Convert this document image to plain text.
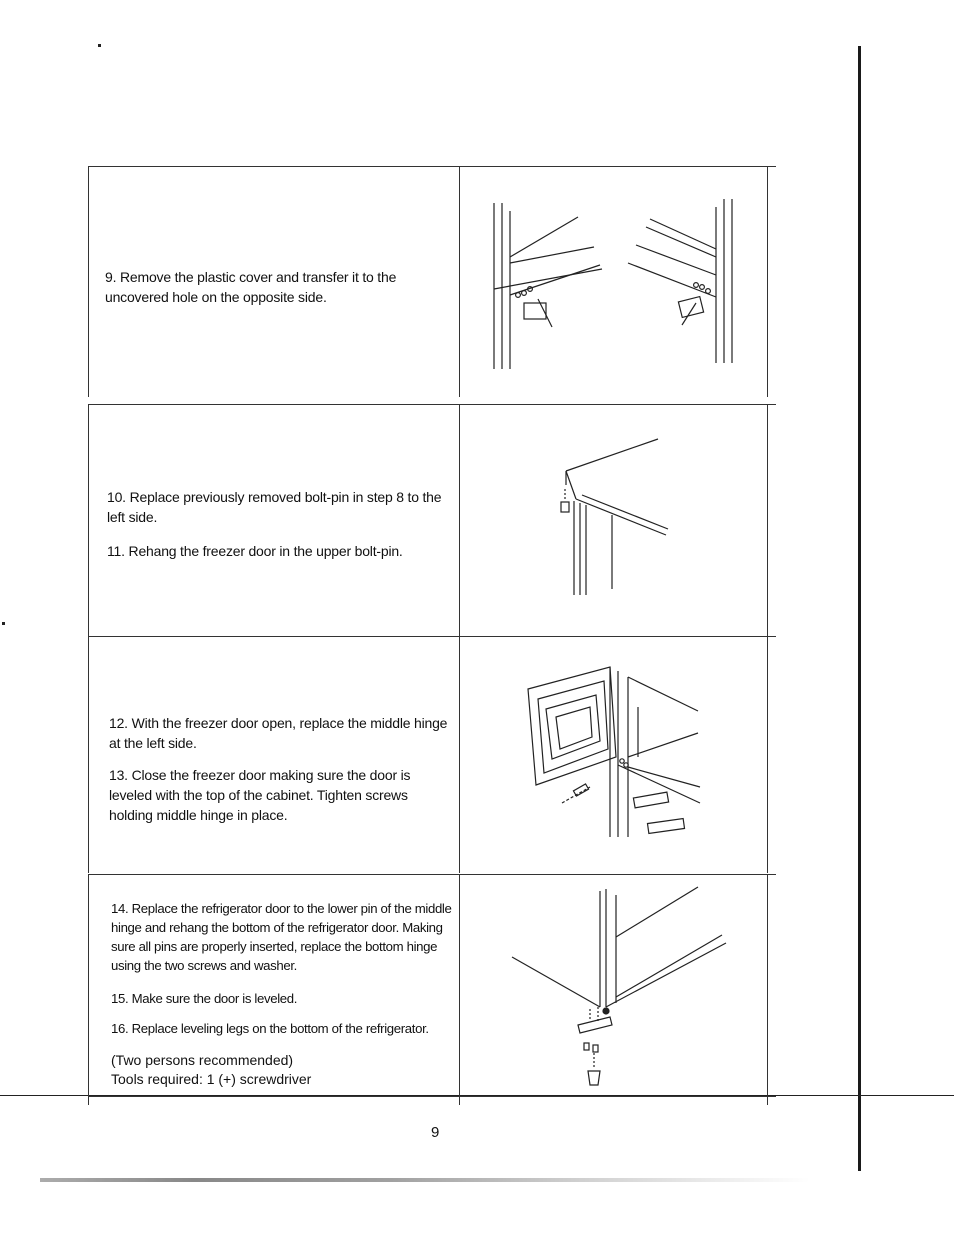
9. Remove the plastic cover and transfer it to the uncovered hole on the opposite side.
10. Replace previously removed bolt-pin in step 8 to the left side.
11. Rehang the freezer door in the upper bolt-pin.
12. With the freezer door open, replace the middle hinge at the left side.
13. Close the freezer door making sure the door is leveled with the top of the cabinet. Tighten screws holding middle hinge in place.
14. Replace the refrigerator door to the lower pin of the middle hinge and rehang the bottom of the refrigerator door. Making sure all pins are properly inserted, replace the bottom hinge using the two screws and washer.
15. Make sure the door is leveled.
16. Replace leveling legs on the bottom of the refrigerator.
(Two persons recommended)
Tools required: 1 (+) screwdriver
9
